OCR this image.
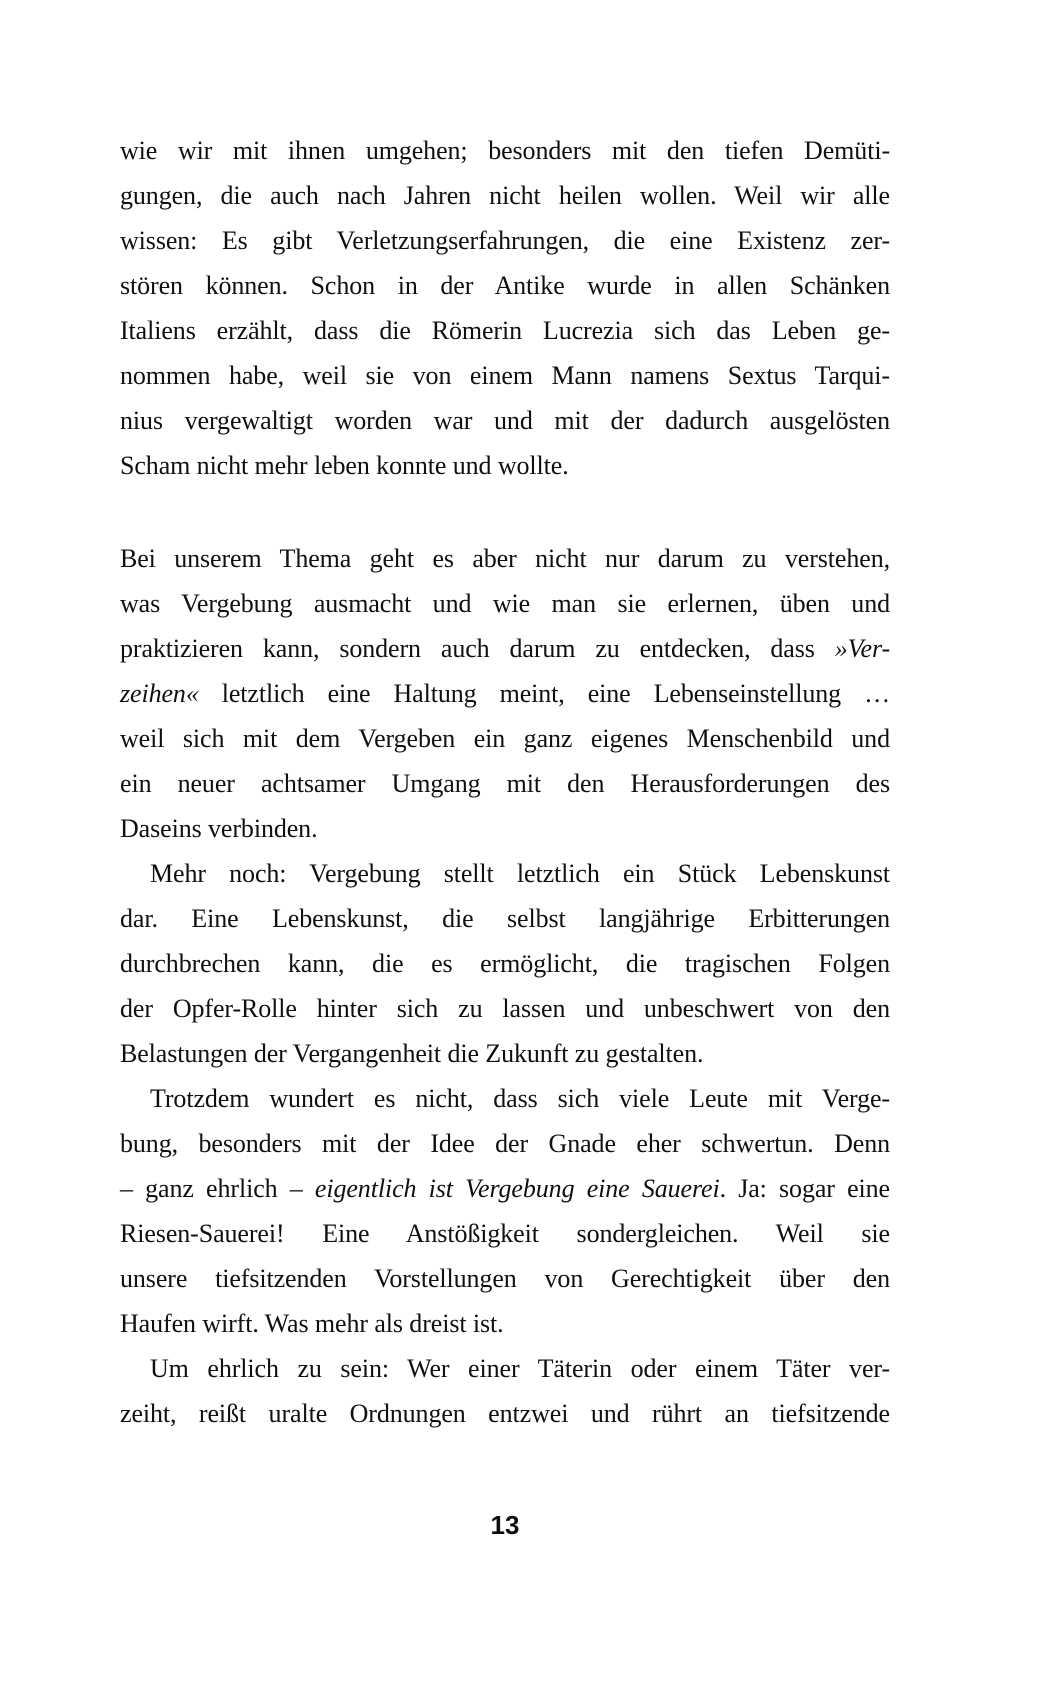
wie wir mit ihnen umgehen; besonders mit den tiefen Demüti-
gungen, die auch nach Jahren nicht heilen wollen. Weil wir alle
wissen: Es gibt Verletzungserfahrungen, die eine Existenz zer-
stören können. Schon in der Antike wurde in allen Schänken
Italiens erzählt, dass die Römerin Lucrezia sich das Leben ge-
nommen habe, weil sie von einem Mann namens Sextus Tarqui-
nius vergewaltigt worden war und mit der dadurch ausgelösten
Scham nicht mehr leben konnte und wollte.

Bei unserem Thema geht es aber nicht nur darum zu verstehen,
was Vergebung ausmacht und wie man sie erlernen, üben und
praktizieren kann, sondern auch darum zu entdecken, dass »Ver-
zeihen« letztlich eine Haltung meint, eine Lebenseinstellung …
weil sich mit dem Vergeben ein ganz eigenes Menschenbild und
ein neuer achtsamer Umgang mit den Herausforderungen des
Daseins verbinden.

Mehr noch: Vergebung stellt letztlich ein Stück Lebenskunst
dar. Eine Lebenskunst, die selbst langjährige Erbitterungen
durchbrechen kann, die es ermöglicht, die tragischen Folgen
der Opfer-Rolle hinter sich zu lassen und unbeschwert von den
Belastungen der Vergangenheit die Zukunft zu gestalten.

Trotzdem wundert es nicht, dass sich viele Leute mit Verge-
bung, besonders mit der Idee der Gnade eher schwertun. Denn
– ganz ehrlich – eigentlich ist Vergebung eine Sauerei. Ja: sogar eine
Riesen-Sauerei! Eine Anstößigkeit sondergleichen. Weil sie
unsere tiefsitzenden Vorstellungen von Gerechtigkeit über den
Haufen wirft. Was mehr als dreist ist.

Um ehrlich zu sein: Wer einer Täterin oder einem Täter ver-
zeiht, reißt uralte Ordnungen entzwei und rührt an tiefsitzende

13
